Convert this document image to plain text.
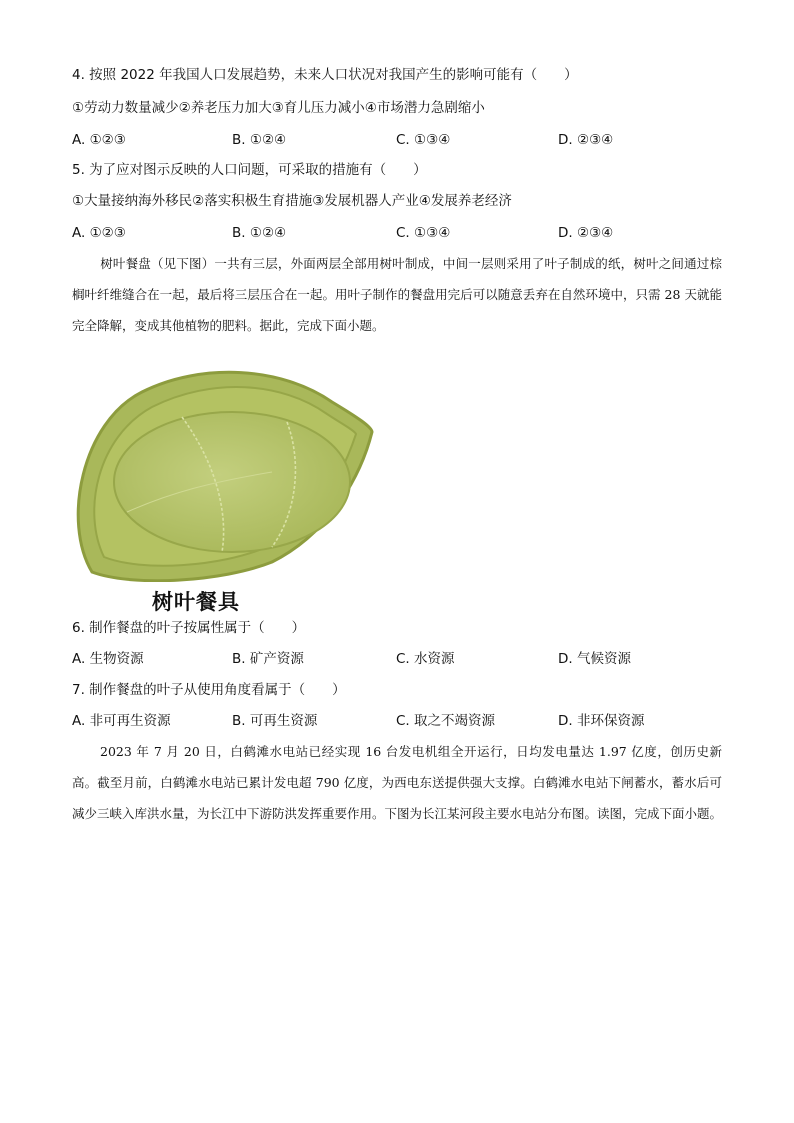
4. 按照 2022 年我国人口发展趋势，未来人口状况对我国产生的影响可能有（　　）
①劳动力数量减少②养老压力加大③育儿压力减小④市场潜力急剧缩小
A. ①②③	B. ①②④	C. ①③④	D. ②③④
5. 为了应对图示反映的人口问题，可采取的措施有（　　）
①大量接纳海外移民②落实积极生育措施③发展机器人产业④发展养老经济
A. ①②③	B. ①②④	C. ①③④	D. ②③④

树叶餐盘（见下图）一共有三层，外面两层全部用树叶制成，中间一层则采用了叶子制成的纸，树叶之间通过棕榈叶纤维缝合在一起，最后将三层压合在一起。用叶子制作的餐盘用完后可以随意丢弃在自然环境中，只需 28 天就能完全降解，变成其他植物的肥料。据此，完成下面小题。

树叶餐具
6. 制作餐盘的叶子按属性属于（　　）
A. 生物资源	B. 矿产资源	C. 水资源	D. 气候资源
7. 制作餐盘的叶子从使用角度看属于（　　）
A. 非可再生资源	B. 可再生资源	C. 取之不竭资源	D. 非环保资源

2023 年 7 月 20 日，白鹤滩水电站已经实现 16 台发电机组全开运行，日均发电量达 1.97 亿度，创历史新高。截至月前，白鹤滩水电站已累计发电超 790 亿度，为西电东送提供强大支撑。白鹤滩水电站下闸蓄水，蓄水后可减少三峡入库洪水量，为长江中下游防洪发挥重要作用。下图为长江某河段主要水电站分布图。读图，完成下面小题。
